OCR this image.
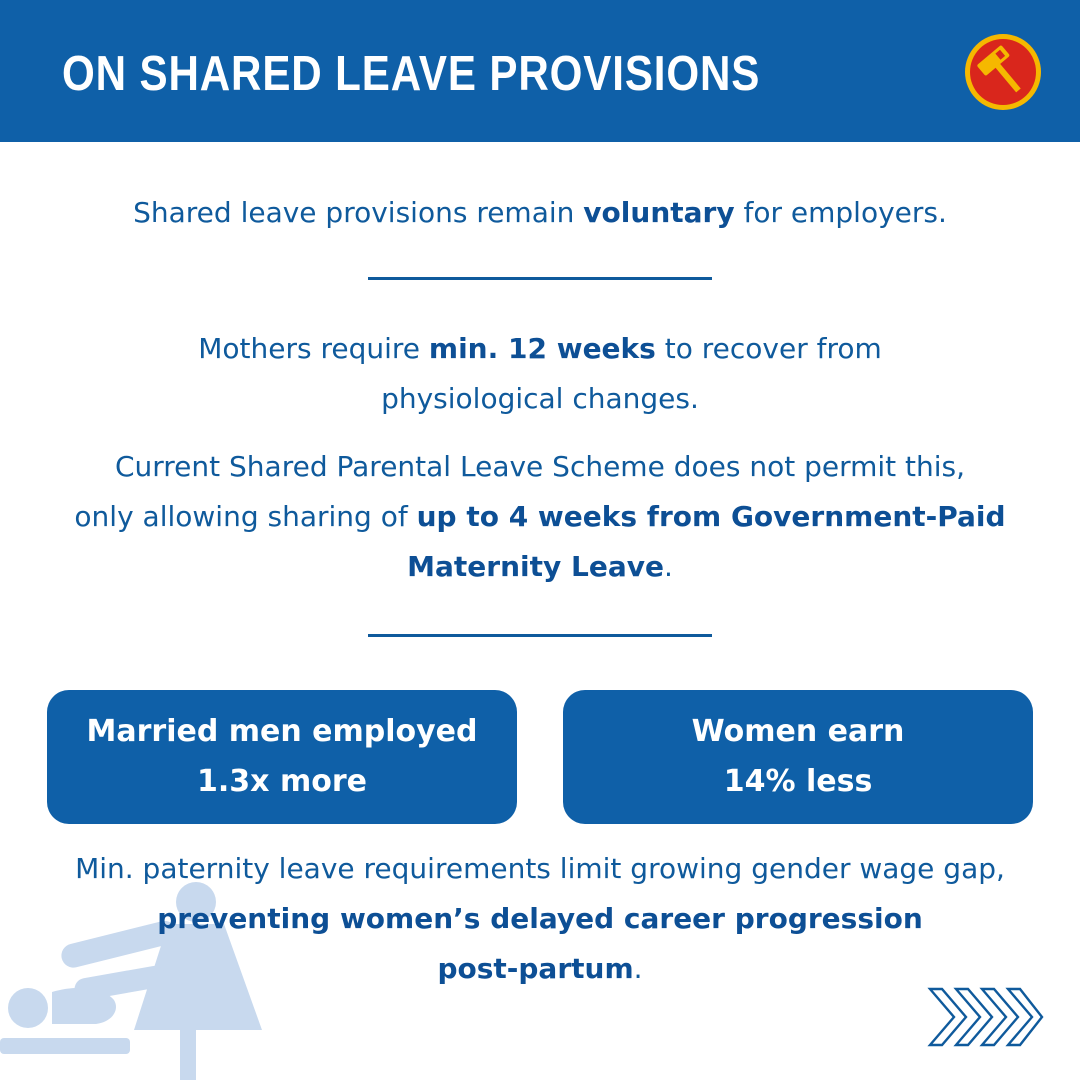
ON SHARED LEAVE PROVISIONS
Shared leave provisions remain voluntary for employers.
Mothers require min. 12 weeks to recover from
physiological changes.
Current Shared Parental Leave Scheme does not permit this,
only allowing sharing of up to 4 weeks from Government-Paid
Maternity Leave.
Married men employed
1.3x more
Women earn
14% less
Min. paternity leave requirements limit growing gender wage gap,
preventing women’s delayed career progression
post-partum.
